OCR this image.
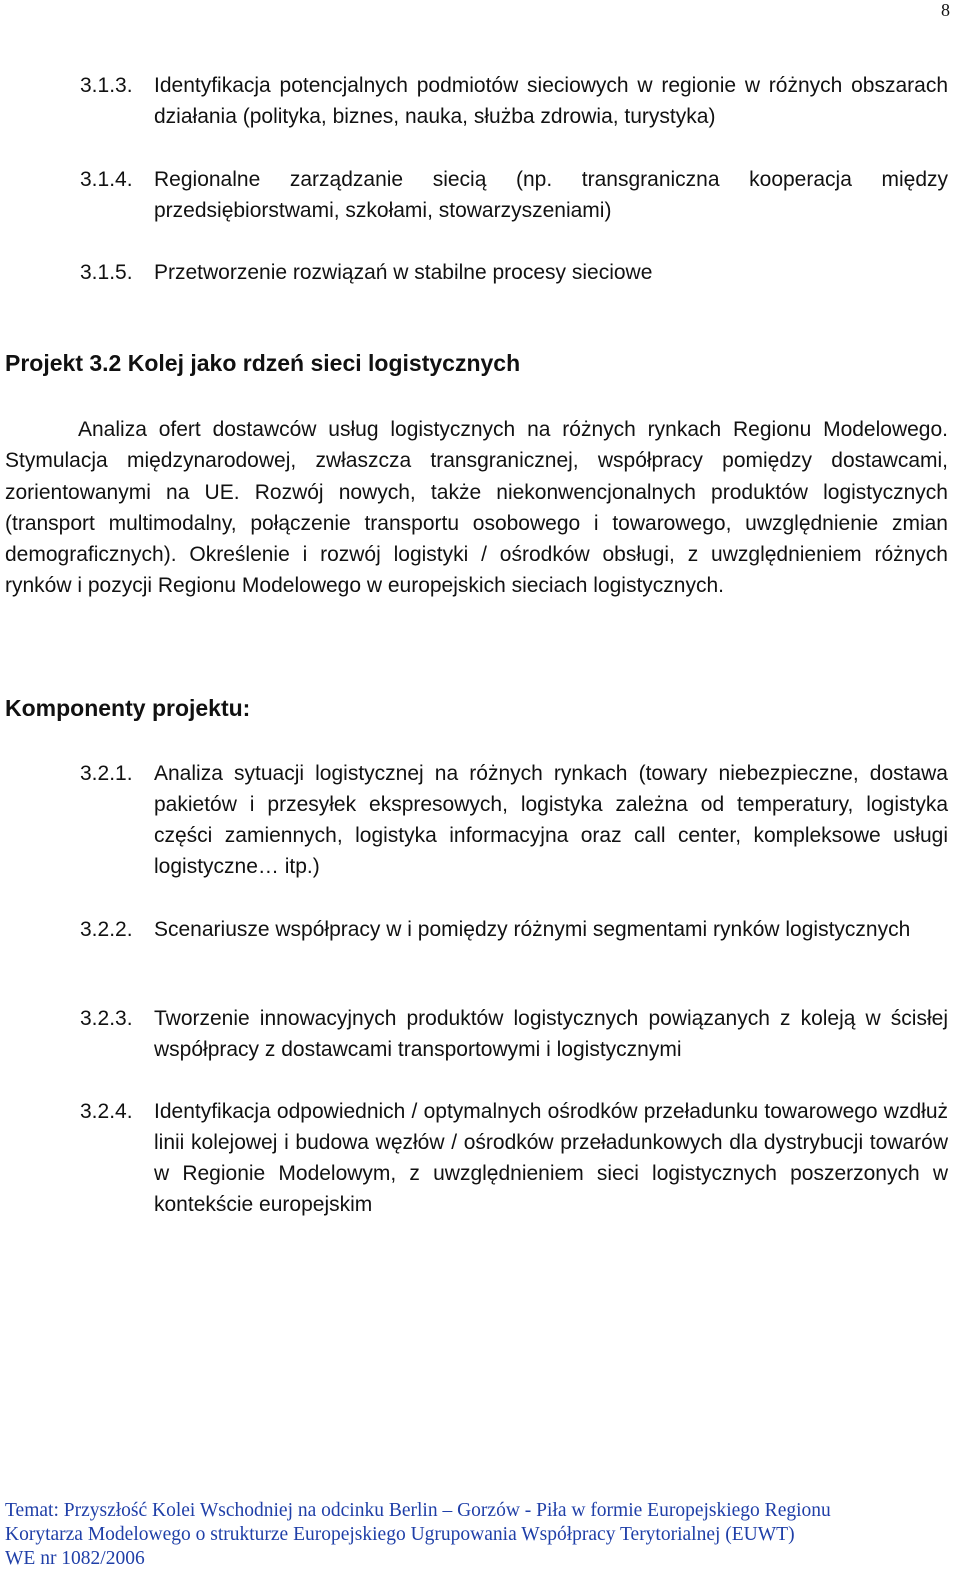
8
3.1.3. Identyfikacja potencjalnych podmiotów sieciowych w regionie w różnych obszarach działania (polityka, biznes, nauka, służba zdrowia, turystyka)
3.1.4. Regionalne zarządzanie siecią (np. transgraniczna kooperacja między przedsiębiorstwami, szkołami, stowarzyszeniami)
3.1.5. Przetworzenie rozwiązań w stabilne procesy sieciowe
Projekt 3.2 Kolej jako rdzeń sieci logistycznych
Analiza ofert dostawców usług logistycznych na różnych rynkach Regionu Modelowego. Stymulacja międzynarodowej, zwłaszcza transgranicznej, współpracy pomiędzy dostawcami, zorientowanymi na UE. Rozwój nowych, także niekonwencjonalnych produktów logistycznych (transport multimodalny, połączenie transportu osobowego i towarowego, uwzględnienie zmian demograficznych). Określenie i rozwój logistyki / ośrodków obsługi, z uwzględnieniem różnych rynków i pozycji Regionu Modelowego w europejskich sieciach logistycznych.
Komponenty projektu:
3.2.1. Analiza sytuacji logistycznej na różnych rynkach (towary niebezpieczne, dostawa pakietów i przesyłek ekspresowych, logistyka zależna od temperatury, logistyka części zamiennych, logistyka informacyjna oraz call center, kompleksowe usługi logistyczne… itp.)
3.2.2. Scenariusze współpracy w i pomiędzy różnymi segmentami rynków logistycznych
3.2.3. Tworzenie innowacyjnych produktów logistycznych powiązanych z koleją w ścisłej współpracy z dostawcami transportowymi i logistycznymi
3.2.4. Identyfikacja odpowiednich / optymalnych ośrodków przeładunku towarowego wzdłuż linii kolejowej i budowa węzłów / ośrodków przeładunkowych dla dystrybucji towarów w Regionie Modelowym, z uwzględnieniem sieci logistycznych poszerzonych w kontekście europejskim
Temat: Przyszłość Kolei Wschodniej na odcinku Berlin – Gorzów - Piła w formie Europejskiego Regionu
Korytarza Modelowego o strukturze Europejskiego Ugrupowania Współpracy Terytorialnej (EUWT)
WE nr 1082/2006
